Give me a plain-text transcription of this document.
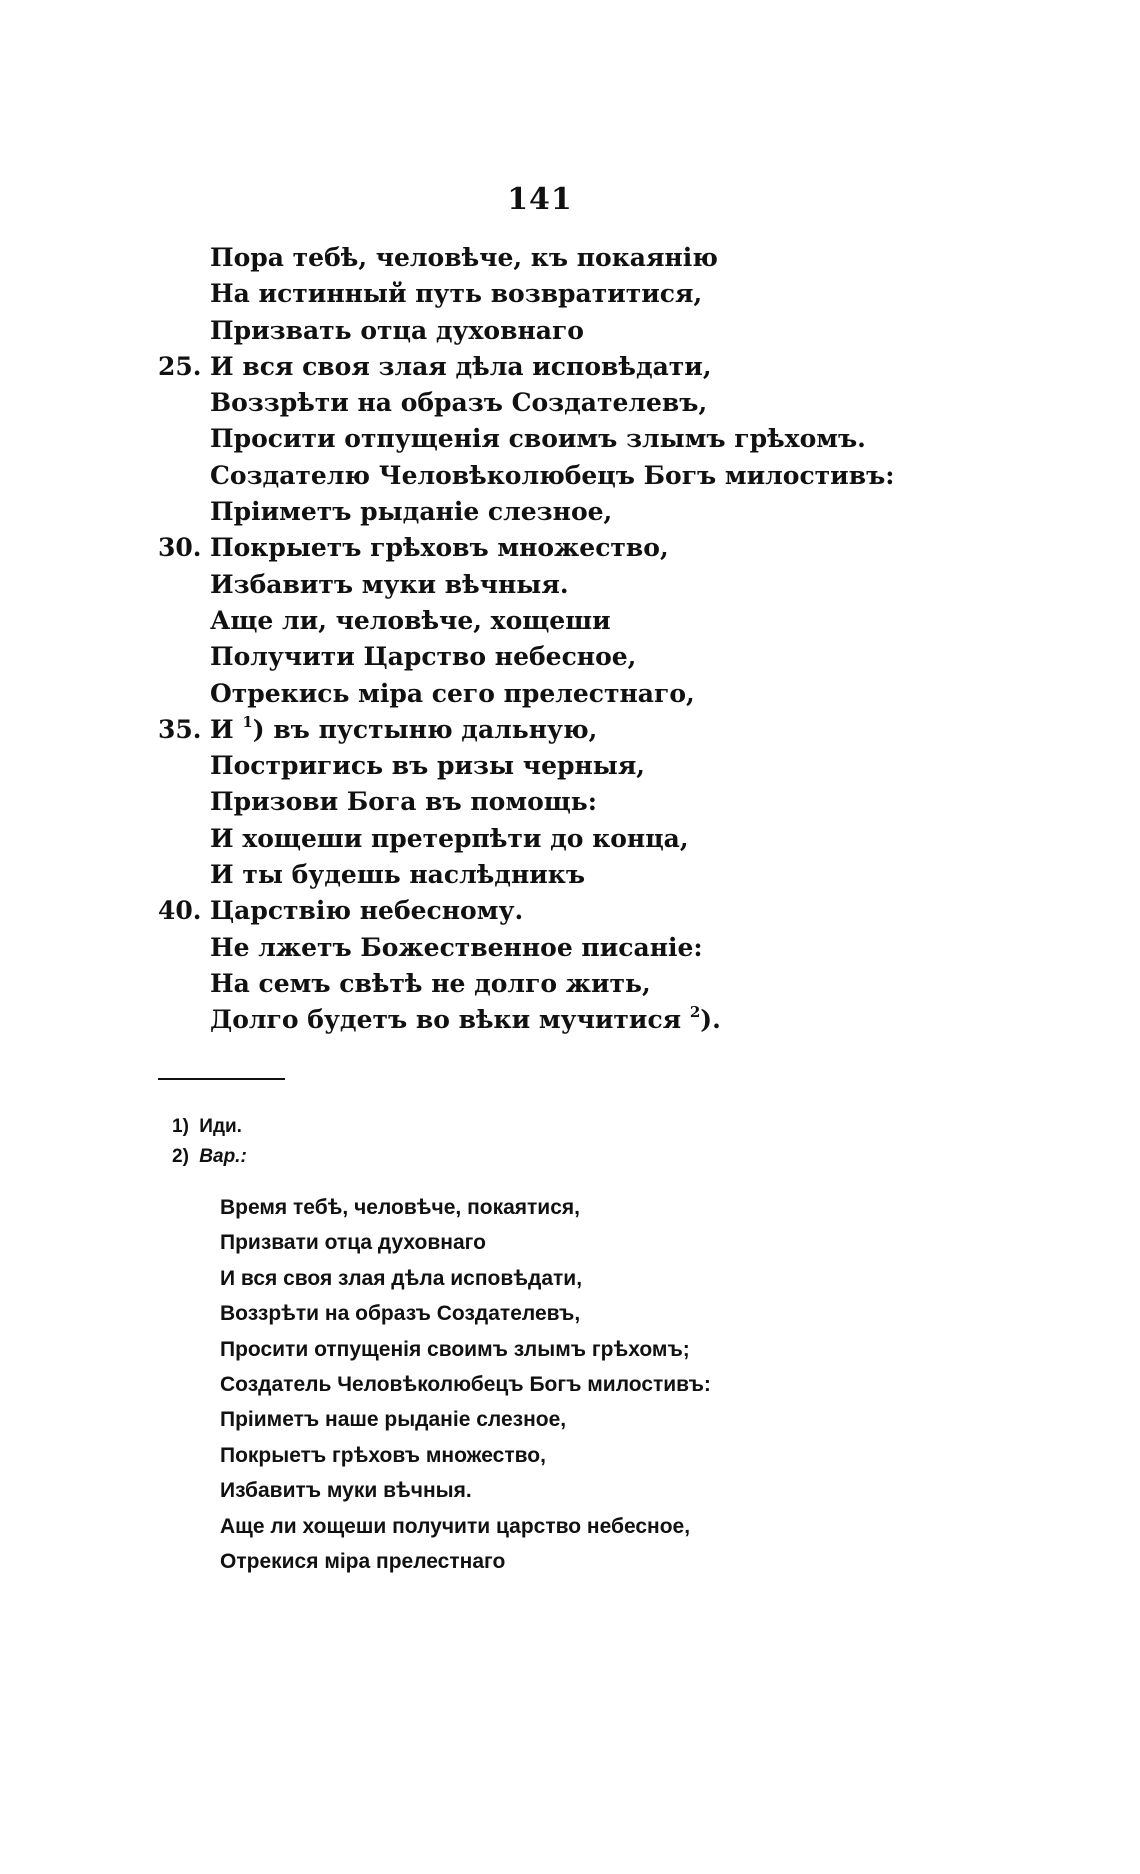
141
Пора тебѣ, человѣче, къ покаянію
На истинный путь возвратитися,
Призвать отца духовнаго
25. И вся своя злая дѣла исповѣдати,
Воззрѣти на образъ Создателевъ,
Просити отпущенія своимъ злымъ грѣхомъ.
Создателю Человѣколюбецъ Богъ милостивъ:
Пріиметъ рыданіе слезное,
30. Покрыетъ грѣховъ множество,
Избавитъ муки вѣчныя.
Аще ли, человѣче, хощеши
Получити Царство небесное,
Отрекись міра сего прелестнаго,
35. И $^1$) въ пустыню дальную,
Постригись въ ризы черныя,
Призови Бога въ помощь:
И хощеши претерпѣти до конца,
И ты будешь наслѣдникъ
40. Царствію небесному.
Не лжетъ Божественное писаніе:
На семъ свѣтѣ не долго жить,
Долго будетъ во вѣки мучитися $^2$).
1) Иди.
2) Вар.:
Время тебѣ, человѣче, покаятися,
Призвати отца духовнаго
И вся своя злая дѣла исповѣдати,
Воззрѣти на образъ Создателевъ,
Просити отпущенія своимъ злымъ грѣхомъ;
Создатель Человѣколюбецъ Богъ милостивъ:
Пріиметъ наше рыданіе слезное,
Покрыетъ грѣховъ множество,
Избавитъ муки вѣчныя.
Аще ли хощеши получити царство небесное,
Отрекися міра прелестнаго
